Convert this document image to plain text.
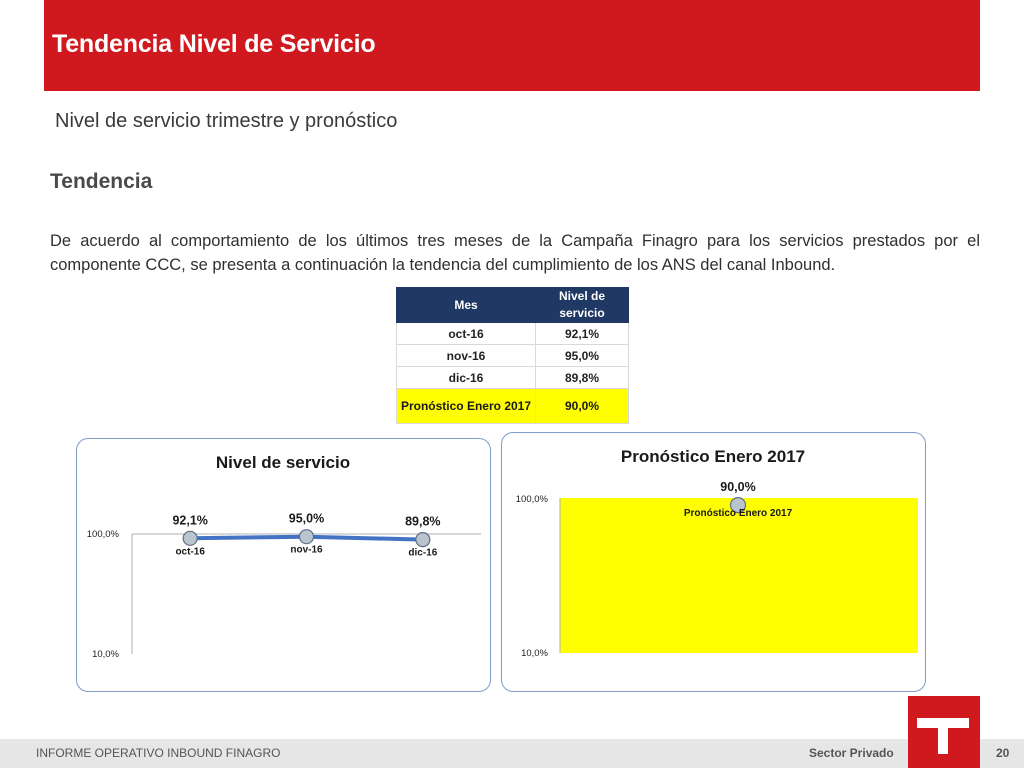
Tendencia Nivel de Servicio
Nivel de servicio trimestre y pronóstico
Tendencia
De acuerdo al comportamiento de los últimos tres meses de la Campaña Finagro para los servicios prestados por el componente CCC, se presenta a continuación la tendencia del cumplimiento de los ANS del canal Inbound.
Mes	Nivel de servicio
oct-16	92,1%
nov-16	95,0%
dic-16	89,8%
Pronóstico Enero 2017	90,0%
Nivel de servicio
100,0%
10,0%
92,1%
oct-16
95,0%
nov-16
89,8%
dic-16
Pronóstico Enero 2017
90,0%
Pronóstico Enero 2017
100,0%
10,0%
INFORME OPERATIVO INBOUND FINAGRO	Sector Privado	20
